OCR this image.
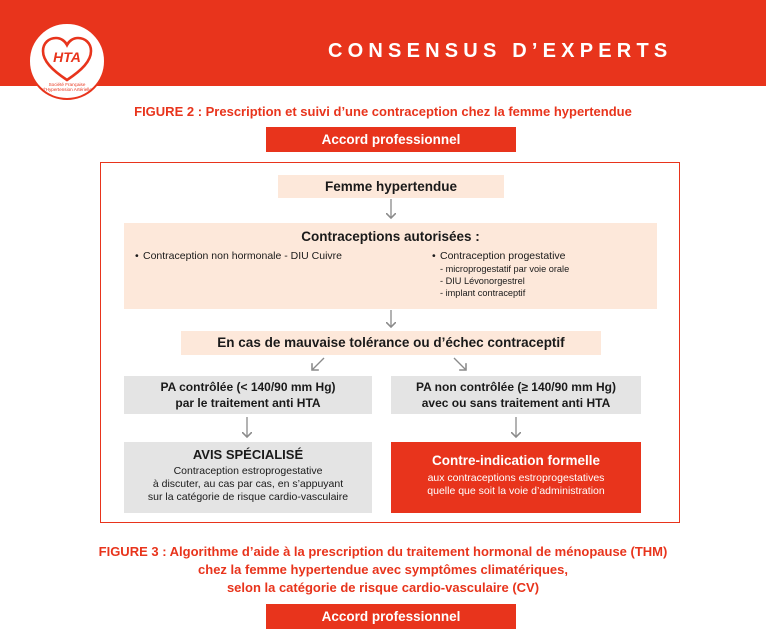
CONSENSUS D’EXPERTS
HTA
Société Française d’Hypertension Artérielle
FIGURE 2 : Prescription et suivi d’une contraception chez la femme hypertendue
Accord professionnel
Femme hypertendue
Contraceptions autorisées :
• Contraception non hormonale - DIU Cuivre	• Contraception progestative
- microprogestatif par voie orale
- DIU Lévonorgestrel
- implant contraceptif
En cas de mauvaise tolérance ou d’échec contraceptif
PA contrôlée (< 140/90 mm Hg)
par le traitement anti HTA
PA non contrôlée (≥ 140/90 mm Hg)
avec ou sans traitement anti HTA
AVIS SPÉCIALISÉ
Contraception estroprogestative
à discuter, au cas par cas, en s’appuyant
sur la catégorie de risque cardio-vasculaire
Contre-indication formelle
aux contraceptions estroprogestatives
quelle que soit la voie d’administration
FIGURE 3 : Algorithme d’aide à la prescription du traitement hormonal de ménopause (THM)
chez la femme hypertendue avec symptômes climatériques,
selon la catégorie de risque cardio-vasculaire (CV)
Accord professionnel
